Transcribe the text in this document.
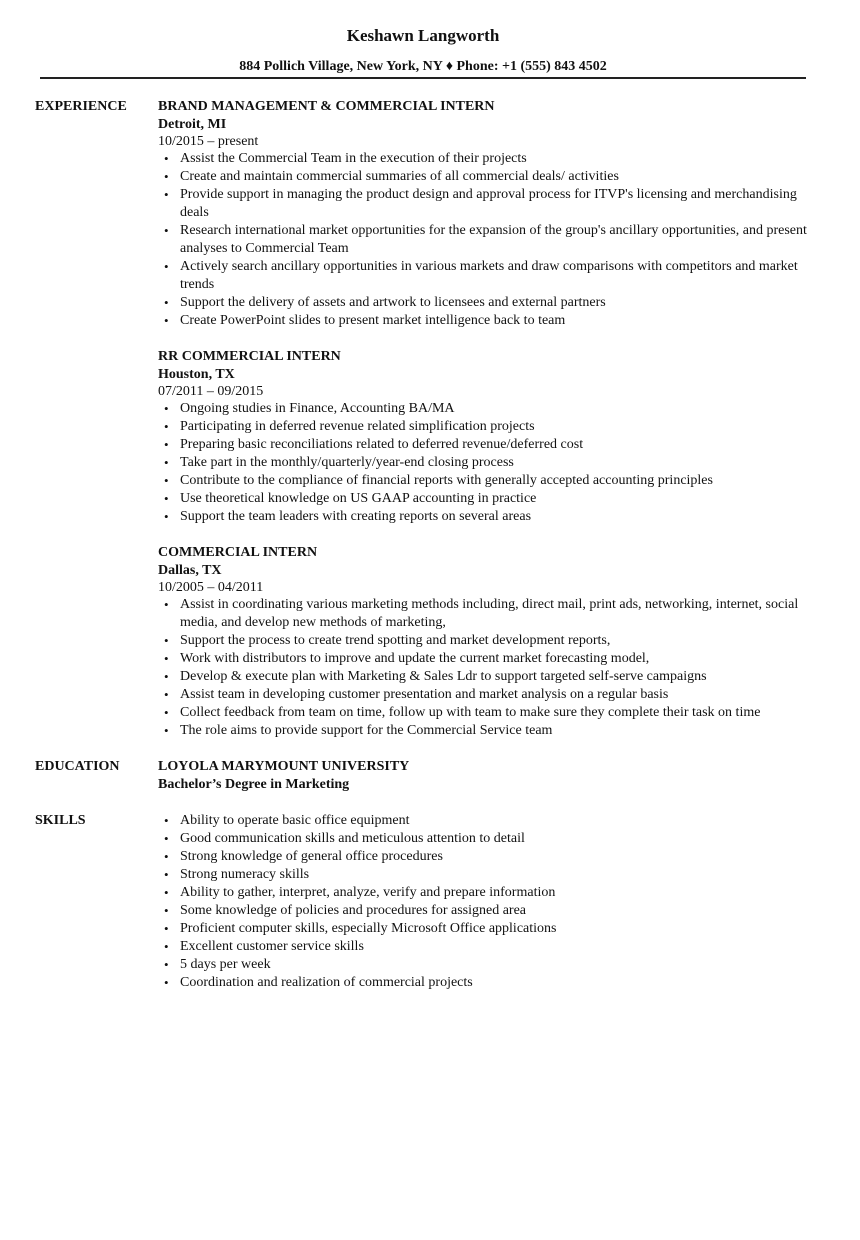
Keshawn Langworth
884 Pollich Village, New York, NY ♦ Phone: +1 (555) 843 4502
EXPERIENCE BRAND MANAGEMENT & COMMERCIAL INTERN
Detroit, MI
10/2015 – present
• Assist the Commercial Team in the execution of their projects
• Create and maintain commercial summaries of all commercial deals/ activities
• Provide support in managing the product design and approval process for ITVP's licensing and merchandising deals
• Research international market opportunities for the expansion of the group's ancillary opportunities, and present analyses to Commercial Team
• Actively search ancillary opportunities in various markets and draw comparisons with competitors and market trends
• Support the delivery of assets and artwork to licensees and external partners
• Create PowerPoint slides to present market intelligence back to team
RR COMMERCIAL INTERN
Houston, TX
07/2011 – 09/2015
• Ongoing studies in Finance, Accounting BA/MA
• Participating in deferred revenue related simplification projects
• Preparing basic reconciliations related to deferred revenue/deferred cost
• Take part in the monthly/quarterly/year-end closing process
• Contribute to the compliance of financial reports with generally accepted accounting principles
• Use theoretical knowledge on US GAAP accounting in practice
• Support the team leaders with creating reports on several areas
COMMERCIAL INTERN
Dallas, TX
10/2005 – 04/2011
• Assist in coordinating various marketing methods including, direct mail, print ads, networking, internet, social media, and develop new methods of marketing,
• Support the process to create trend spotting and market development reports,
• Work with distributors to improve and update the current market forecasting model,
• Develop & execute plan with Marketing & Sales Ldr to support targeted self-serve campaigns
• Assist team in developing customer presentation and market analysis on a regular basis
• Collect feedback from team on time, follow up with team to make sure they complete their task on time
• The role aims to provide support for the Commercial Service team
EDUCATION	LOYOLA MARYMOUNT UNIVERSITY
Bachelor’s Degree in Marketing
SKILLS
•	Ability to operate basic office equipment
• Good communication skills and meticulous attention to detail
• Strong knowledge of general office procedures
• Strong numeracy skills
• Ability to gather, interpret, analyze, verify and prepare information
• Some knowledge of policies and procedures for assigned area
• Proficient computer skills, especially Microsoft Office applications
• Excellent customer service skills
• 5 days per week
• Coordination and realization of commercial projects
